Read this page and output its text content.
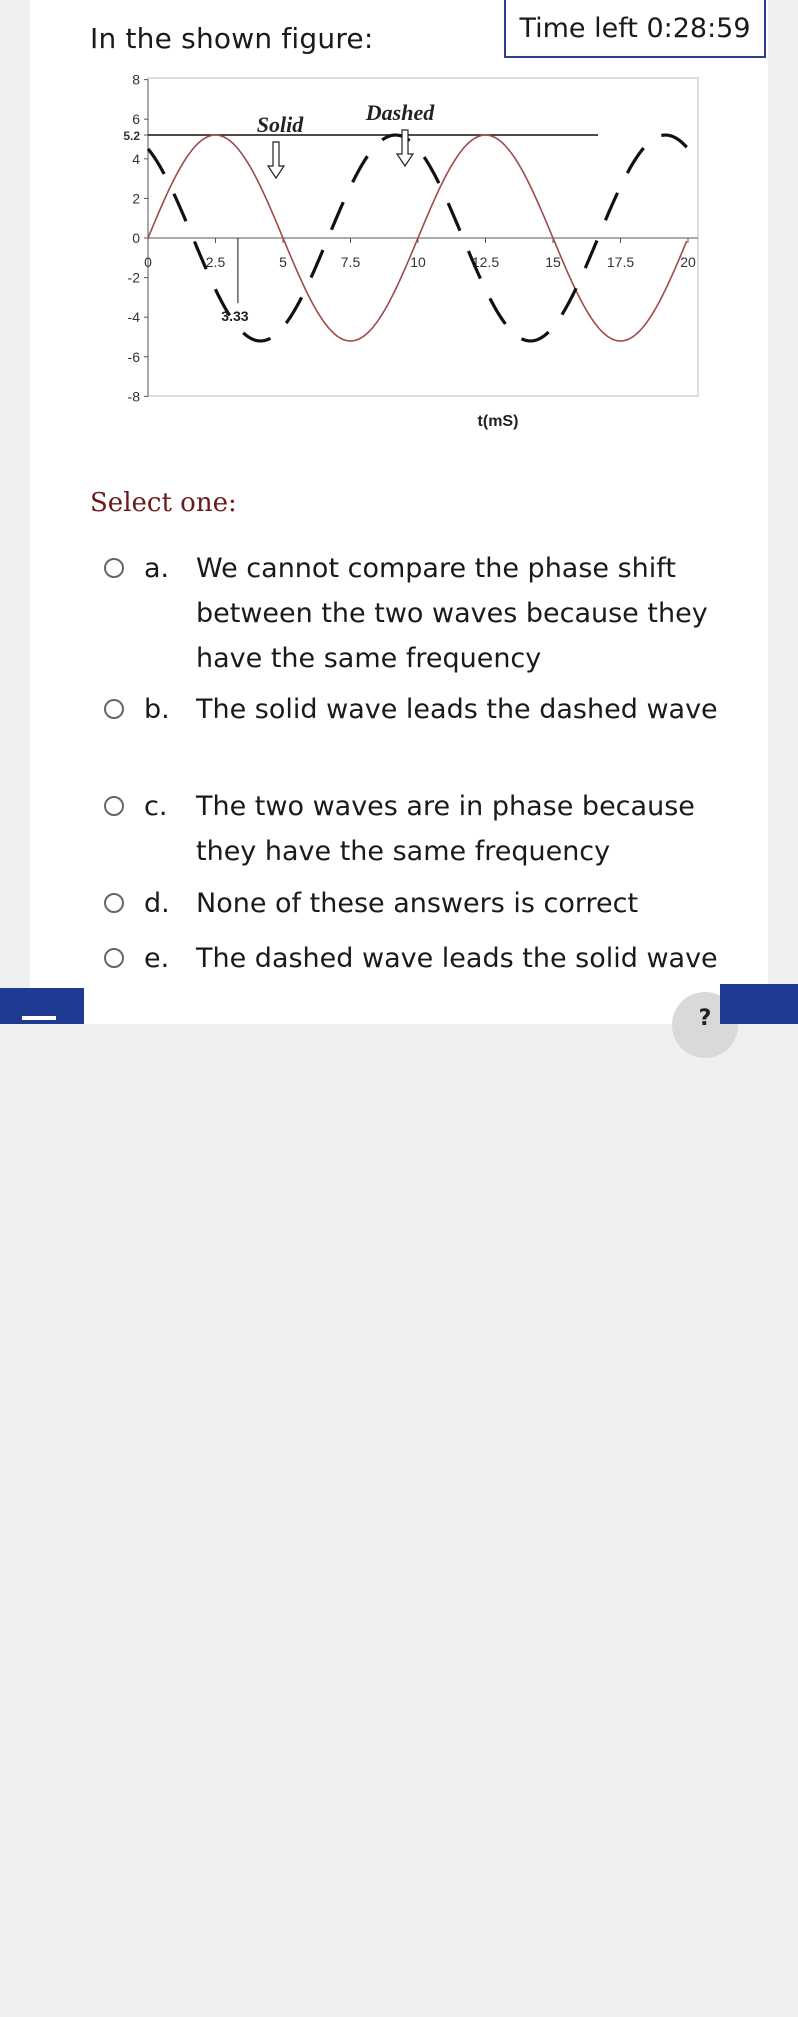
In the shown figure:	Time left 0:28:59
8
6
5.2
4
2
0
-2
-4
-6
-8
0	2.5	5	7.5	10	12.5	15	17.5	20
Solid	Dashed
3.33
t(mS)
Select one:
a. We cannot compare the phase shift between the two waves because they have the same frequency
b. The solid wave leads the dashed wave
c.	The two waves are in phase because they have the same frequency
d. None of these answers is correct
e. The dashed wave leads the solid wave
?
